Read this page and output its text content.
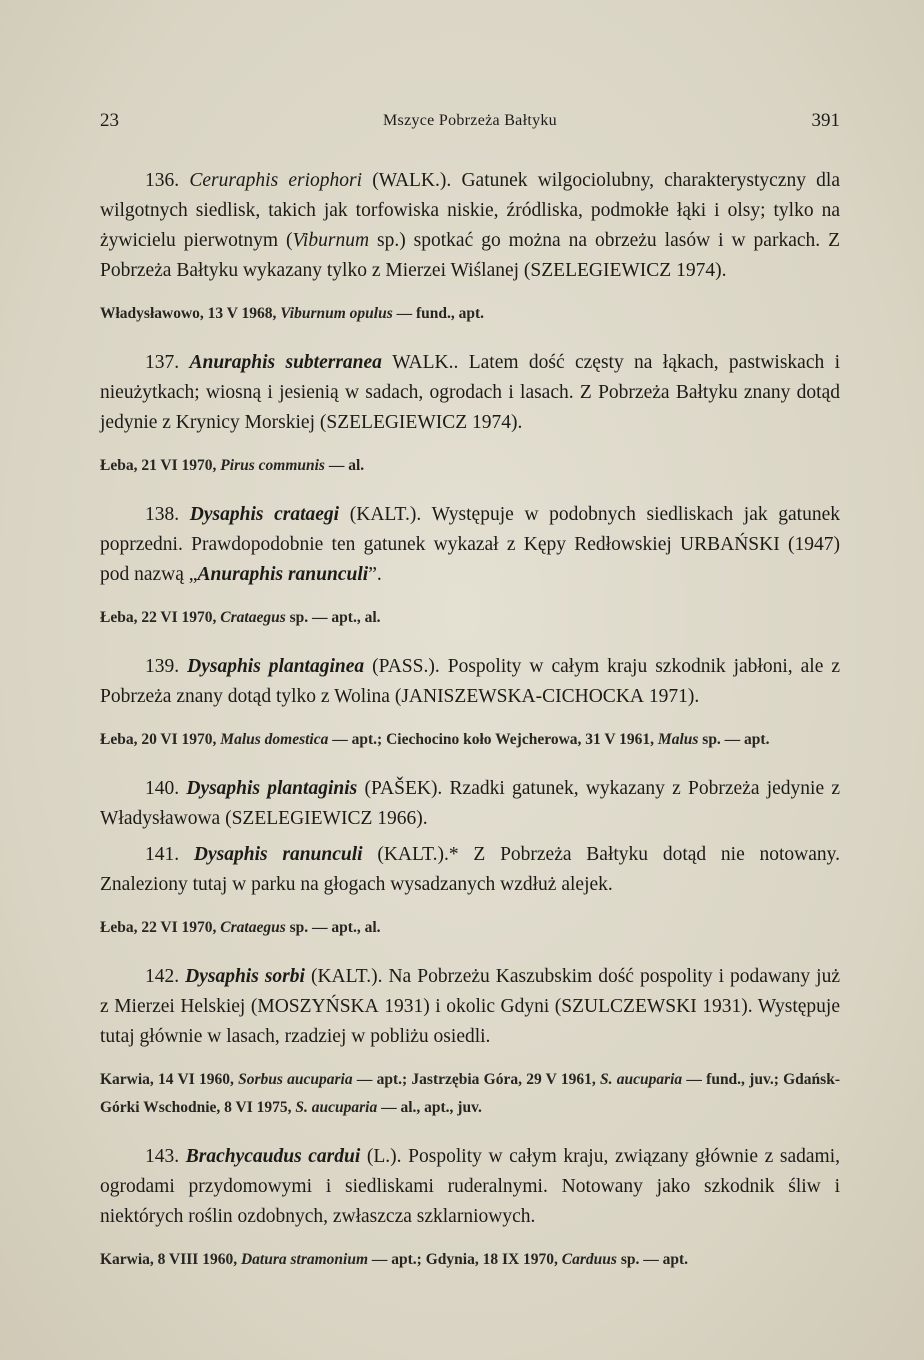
23	Mszyce Pobrzeża Bałtyku	391

136. Ceruraphis eriophori (WALK.). Gatunek wilgociolubny, charakterystyczny dla wilgotnych siedlisk, takich jak torfowiska niskie, źródliska, podmokłe łąki i olsy; tylko na żywicielu pierwotnym (Viburnum sp.) spotkać go można na obrzeżu lasów i w parkach. Z Pobrzeża Bałtyku wykazany tylko z Mierzei Wiślanej (SZELEGIEWICZ 1974).

Władysławowo, 13 V 1968, Viburnum opulus — fund., apt.

137. Anuraphis subterranea WALK.. Latem dość częsty na łąkach, pastwiskach i nieużytkach; wiosną i jesienią w sadach, ogrodach i lasach. Z Pobrzeża Bałtyku znany dotąd jedynie z Krynicy Morskiej (SZELEGIEWICZ 1974).

Łeba, 21 VI 1970, Pirus communis — al.

138. Dysaphis crataegi (KALT.). Występuje w podobnych siedliskach jak gatunek poprzedni. Prawdopodobnie ten gatunek wykazał z Kępy Redłowskiej URBAŃSKI (1947) pod nazwą „Anuraphis ranunculi”.

Łeba, 22 VI 1970, Crataegus sp. — apt., al.

139. Dysaphis plantaginea (PASS.). Pospolity w całym kraju szkodnik jabłoni, ale z Pobrzeża znany dotąd tylko z Wolina (JANISZEWSKA-CICHOCKA 1971).

Łeba, 20 VI 1970, Malus domestica — apt.; Ciechocino koło Wejcherowa, 31 V 1961, Malus sp. — apt.

140. Dysaphis plantaginis (PAŠEK). Rzadki gatunek, wykazany z Pobrzeża jedynie z Władysławowa (SZELEGIEWICZ 1966).

141. Dysaphis ranunculi (KALT.).* Z Pobrzeża Bałtyku dotąd nie notowany. Znaleziony tutaj w parku na głogach wysadzanych wzdłuż alejek.

Łeba, 22 VI 1970, Crataegus sp. — apt., al.

142. Dysaphis sorbi (KALT.). Na Pobrzeżu Kaszubskim dość pospolity i podawany już z Mierzei Helskiej (MOSZYŃSKA 1931) i okolic Gdyni (SZULCZEWSKI 1931). Występuje tutaj głównie w lasach, rzadziej w pobliżu osiedli.

Karwia, 14 VI 1960, Sorbus aucuparia — apt.; Jastrzębia Góra, 29 V 1961, S. aucuparia — fund., juv.; Gdańsk-Górki Wschodnie, 8 VI 1975, S. aucuparia — al., apt., juv.

143. Brachycaudus cardui (L.). Pospolity w całym kraju, związany głównie z sadami, ogrodami przydomowymi i siedliskami ruderalnymi. Notowany jako szkodnik śliw i niektórych roślin ozdobnych, zwłaszcza szklarniowych.

Karwia, 8 VIII 1960, Datura stramonium — apt.; Gdynia, 18 IX 1970, Carduus sp. — apt.
